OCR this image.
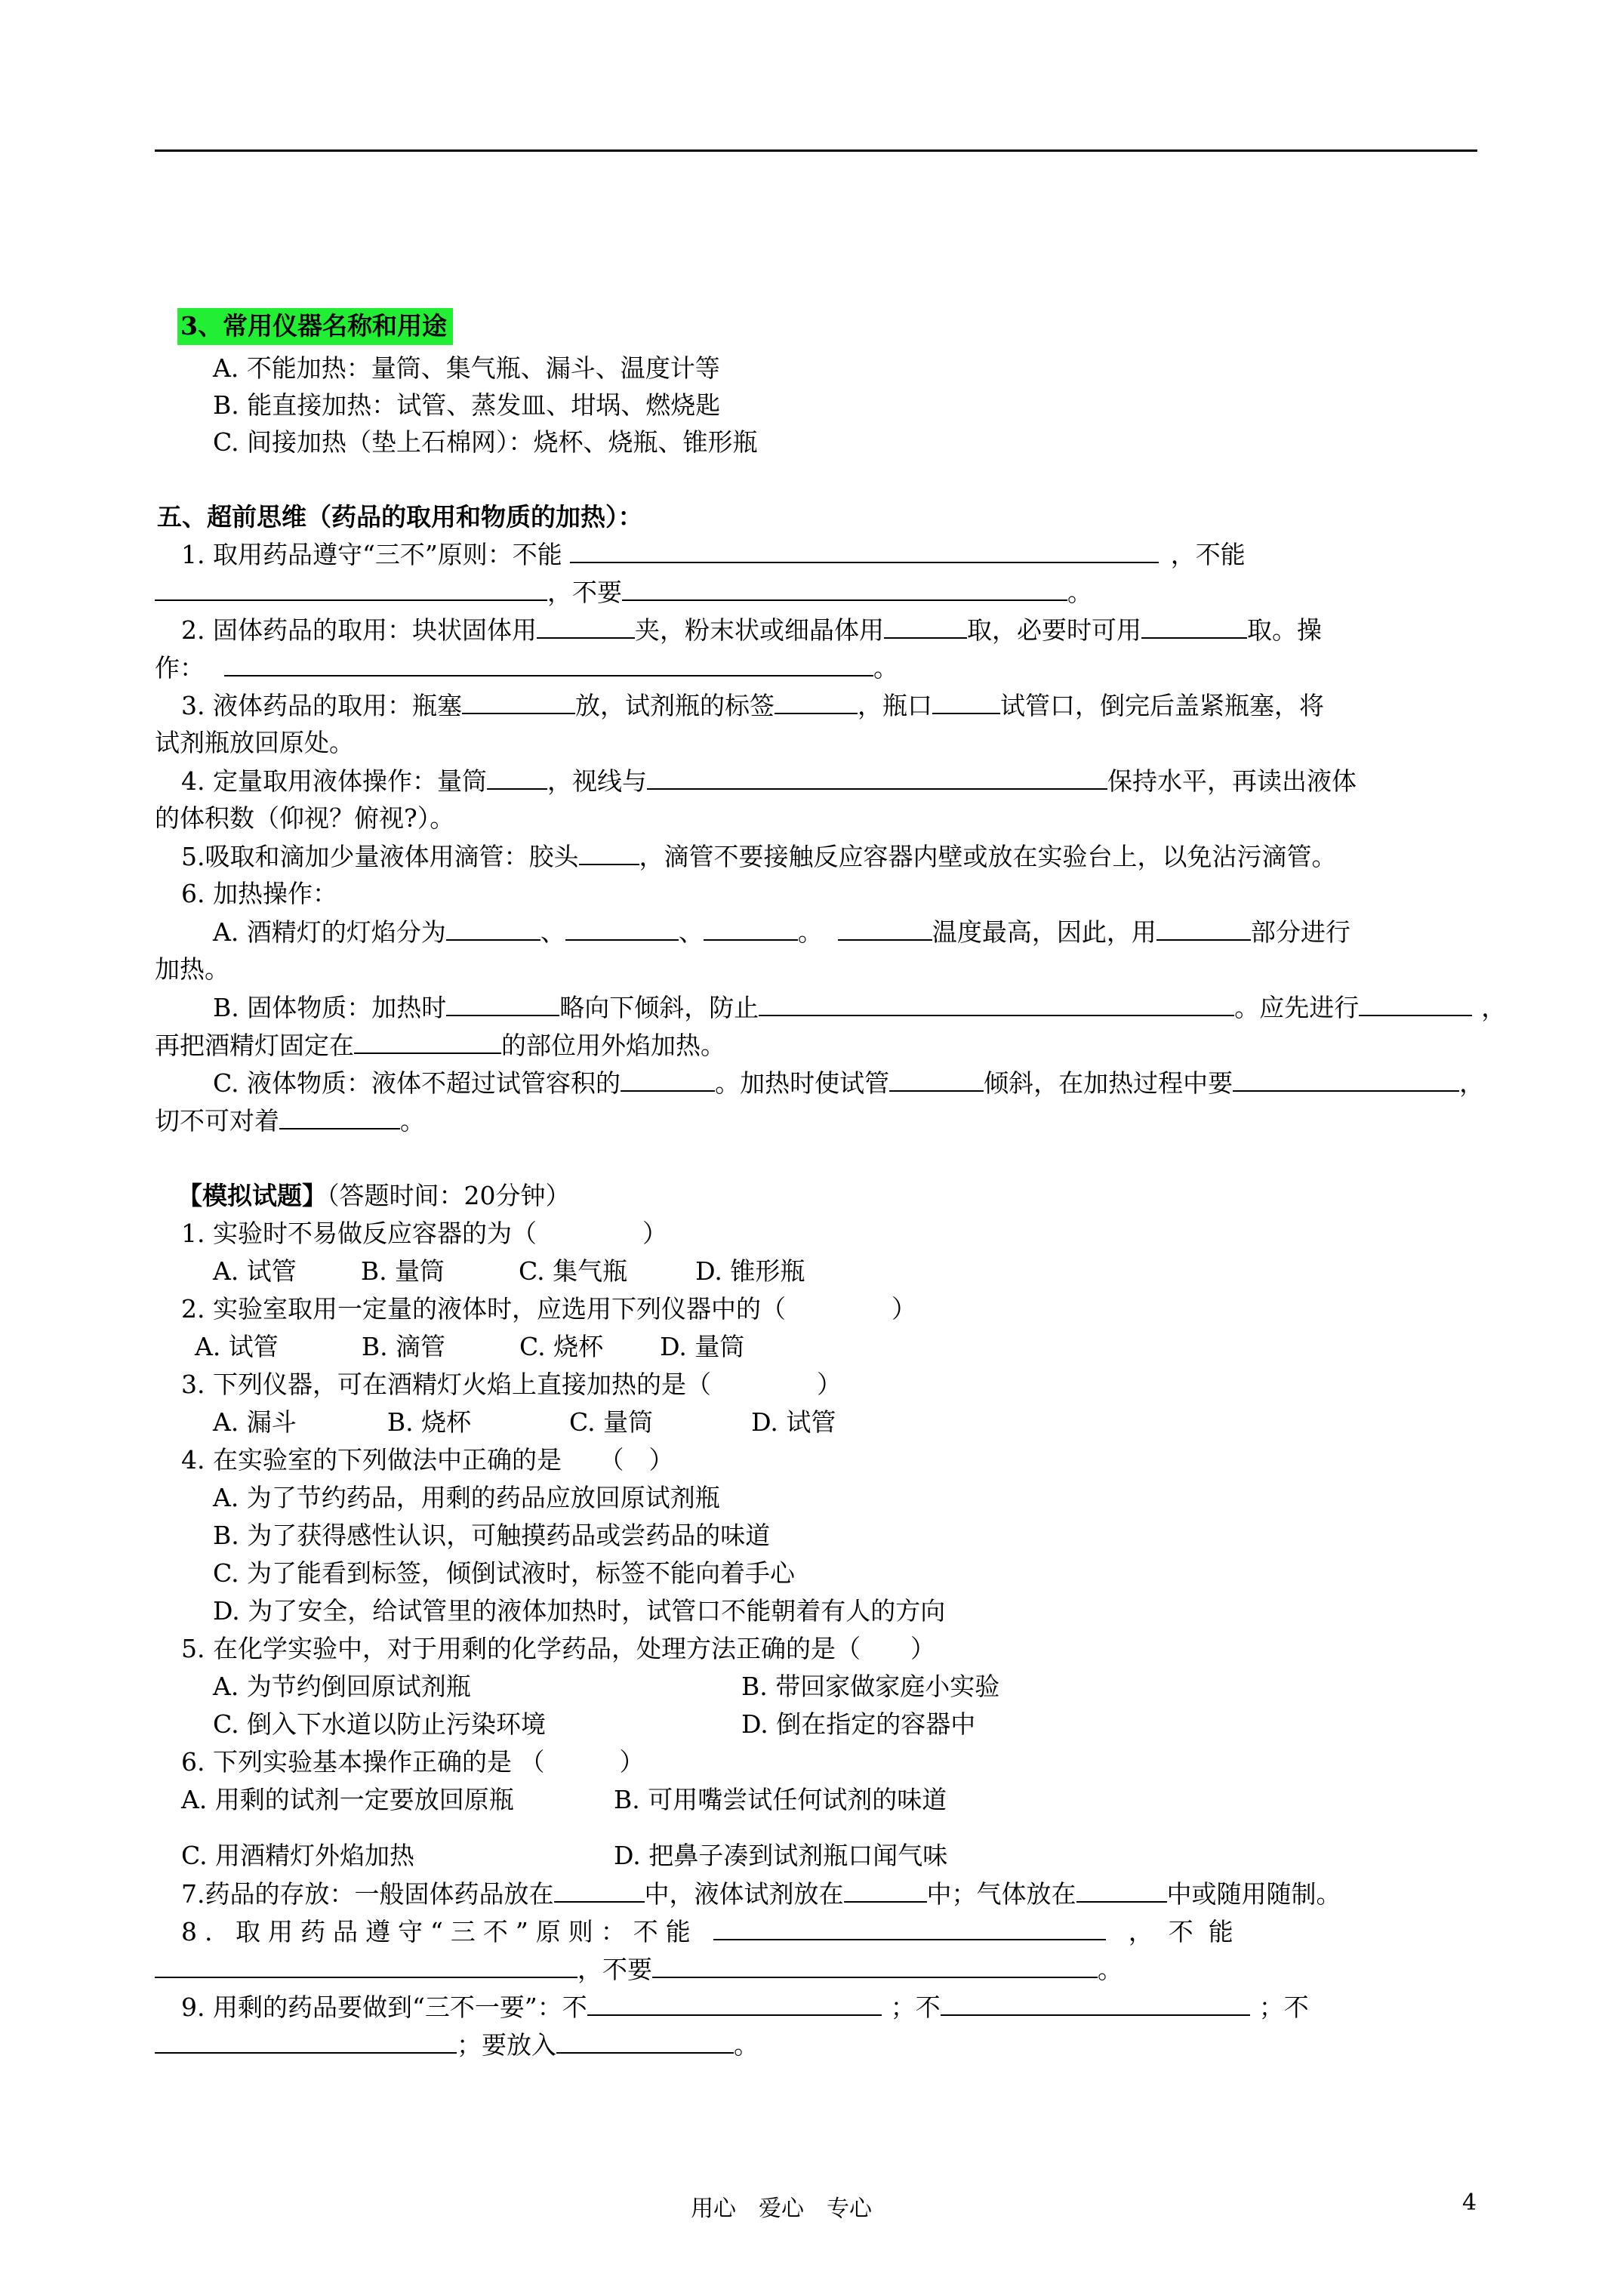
3、常用仪器名称和用途
A. 不能加热：量筒、集气瓶、漏斗、温度计等
B. 能直接加热：试管、蒸发皿、坩埚、燃烧匙
C. 间接加热（垫上石棉网）：烧杯、烧瓶、锥形瓶
五、超前思维（药品的取用和物质的加热）：
1. 取用药品遵守“三不”原则：不能	，不能
，不要	。
2. 固体药品的取用：块状固体用	夹，粉末状或细晶体用	取，必要时可用	取。操
作：	。
3. 液体药品的取用：瓶塞	放，试剂瓶的标签	，瓶口	试管口，倒完后盖紧瓶塞，将
试剂瓶放回原处。
4. 定量取用液体操作：量筒 ，视线与	保持水平，再读出液体
的体积数（仰视？俯视?）。
5.吸取和滴加少量液体用滴管：胶头 ，滴管不要接触反应容器内壁或放在实验台上，以免沾污滴管。
6. 加热操作：
A. 酒精灯的灯焰分为	、	、	。	温度最高，因此，用	部分进行
加热。
B. 固体物质：加热时	略向下倾斜，防止	。应先进行	，
再把酒精灯固定在	的部位用外焰加热。
C. 液体物质：液体不超过试管容积的	。加热时使试管	倾斜，在加热过程中要	，
切不可对着	。
【模拟试题】（答题时间：20分钟）
1. 实验时不易做反应容器的为（	）
A. 试管	B. 量筒	C. 集气瓶	D. 锥形瓶
2. 实验室取用一定量的液体时，应选用下列仪器中的（	）
A. 试管	B. 滴管	C. 烧杯 D. 量筒
3. 下列仪器，可在酒精灯火焰上直接加热的是（	）
A. 漏斗	B. 烧杯	C. 量筒	D. 试管
4. 在实验室的下列做法中正确的是　　（　）
A. 为了节约药品，用剩的药品应放回原试剂瓶
B. 为了获得感性认识，可触摸药品或尝药品的味道
C. 为了能看到标签，倾倒试液时，标签不能向着手心
D. 为了安全，给试管里的液体加热时，试管口不能朝着有人的方向
5. 在化学实验中，对于用剩的化学药品，处理方法正确的是（　　）
A. 为节约倒回原试剂瓶	B. 带回家做家庭小实验
C. 倒入下水道以防止污染环境	D. 倒在指定的容器中
6. 下列实验基本操作正确的是 （　　　）
A. 用剩的试剂一定要放回原瓶	B. 可用嘴尝试任何试剂的味道
C. 用酒精灯外焰加热	D. 把鼻子凑到试剂瓶口闻气味
7.药品的存放：一般固体药品放在	中，液体试剂放在	中；气体放在	中或随用随制。
8. 取用药品遵守“三不”原则：不能	，不能
，不要	。
9. 用剩的药品要做到“三不一要”：不	；不	；不
；要放入	。
用心　爱心　专心	4
